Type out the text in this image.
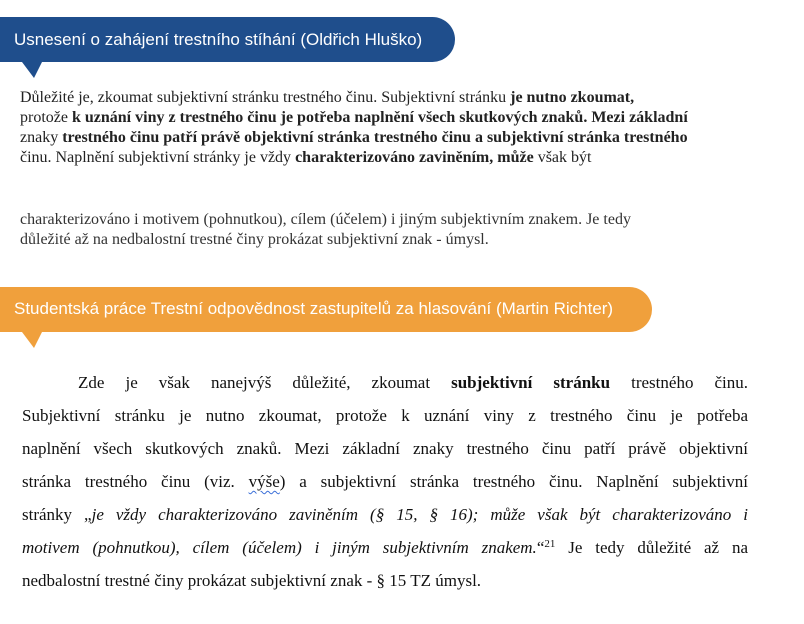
Usnesení o zahájení trestního stíhání (Oldřich Hluško)
Důležité je, zkoumat subjektivní stránku trestného činu. Subjektivní stránku je nutno zkoumat,
protože k uznání viny z trestného činu je potřeba naplnění všech skutkových znaků. Mezi základní
znaky trestného činu patří právě objektivní stránka trestného činu a subjektivní stránka trestného
činu. Naplnění subjektivní stránky je vždy charakterizováno zaviněním, může však být
charakterizováno i motivem (pohnutkou), cílem (účelem) i jiným subjektivním znakem. Je tedy
důležité až na nedbalostní trestné činy prokázat subjektivní znak - úmysl.
Studentská práce Trestní odpovědnost zastupitelů za hlasování (Martin Richter)
Zde je však nanejvýš důležité, zkoumat subjektivní stránku trestného činu.
Subjektivní stránku je nutno zkoumat, protože k uznání viny z trestného činu je potřeba
naplnění všech skutkových znaků. Mezi základní znaky trestného činu patří právě objektivní
stránka trestného činu (viz. výše) a subjektivní stránka trestného činu. Naplnění subjektivní
stránky „je vždy charakterizováno zaviněním (§ 15, § 16); může však být charakterizováno i
motivem (pohnutkou), cílem (účelem) i jiným subjektivním znakem.“$^{21}$ Je tedy důležité až na
nedbalostní trestné činy prokázat subjektivní znak - § 15 TZ úmysl.
